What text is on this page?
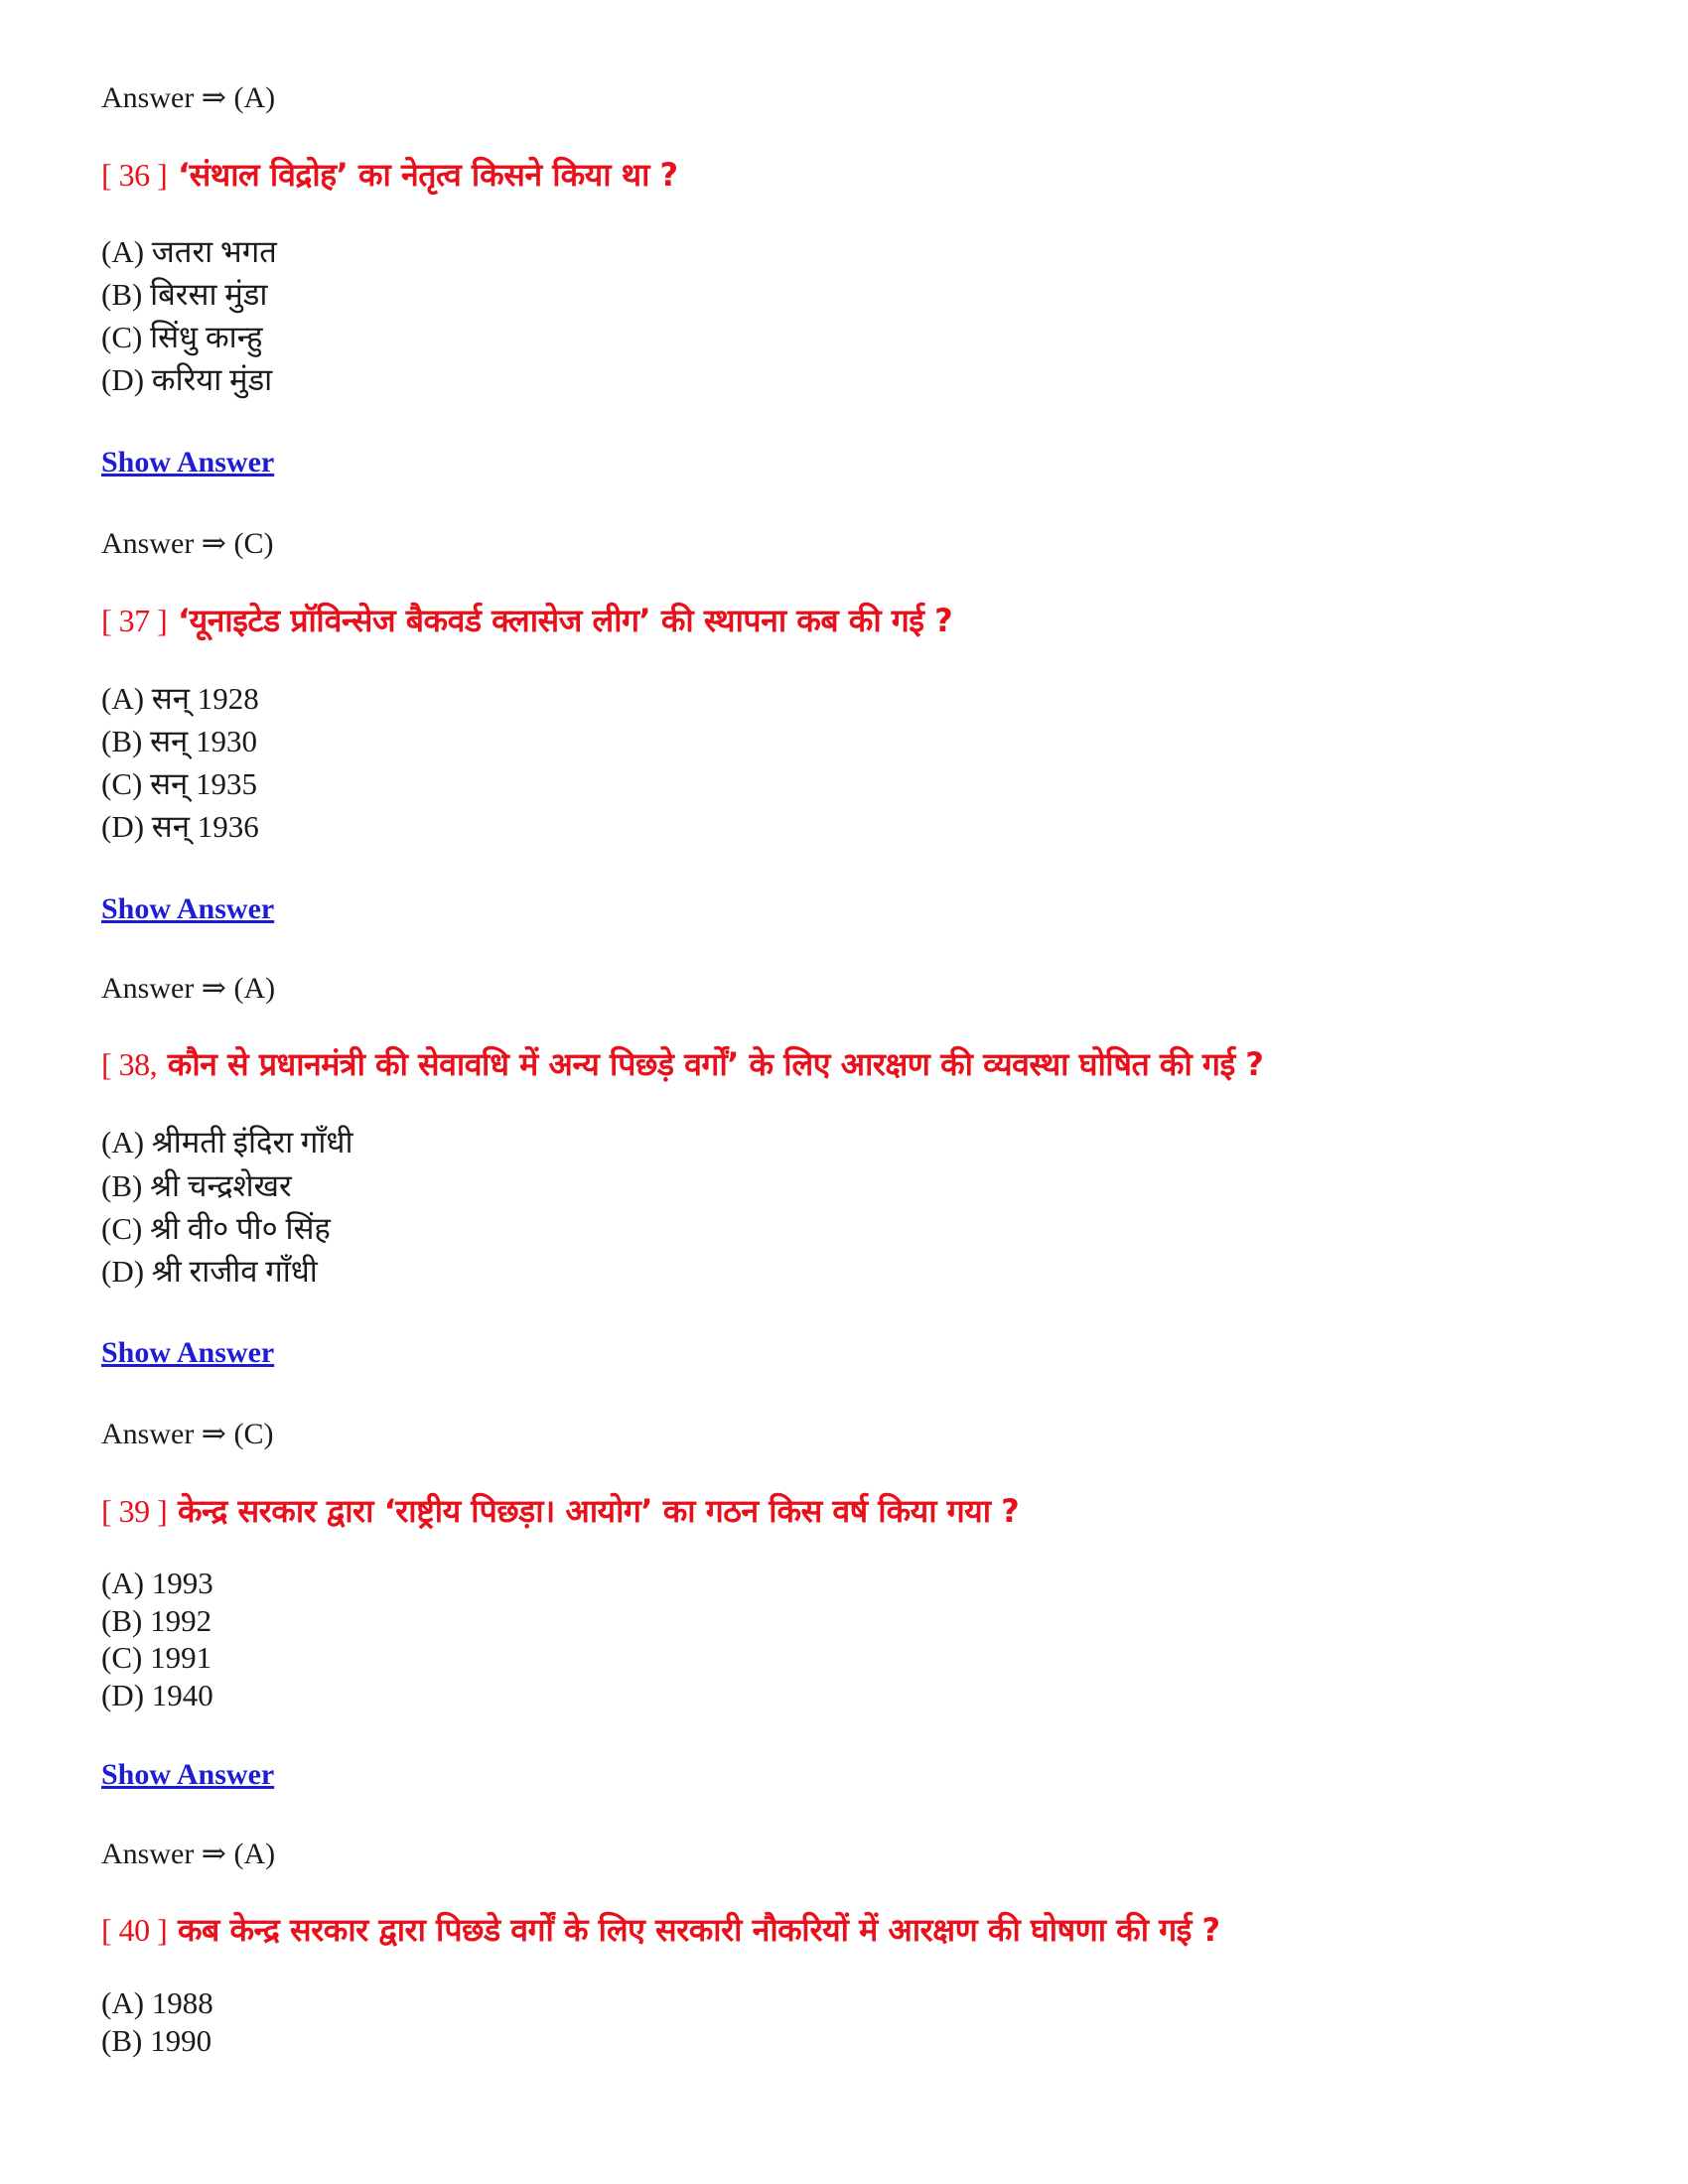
Answer ⇒ (A)
[ 36 ] ‘संथाल विद्रोह’ का नेतृत्व किसने किया था ?
(A) जतरा भगत
(B) बिरसा मुंडा
(C) सिंधु कान्हु
(D) करिया मुंडा
Show Answer
Answer ⇒ (C)
[ 37 ] ‘यूनाइटेड प्रॉविन्सेज बैकवर्ड क्लासेज लीग’ की स्थापना कब की गई ?
(A) सन् 1928
(B) सन् 1930
(C) सन् 1935
(D) सन् 1936
Show Answer
Answer ⇒ (A)
[ 38, कौन से प्रधानमंत्री की सेवावधि में अन्य पिछड़े वर्गों’ के लिए आरक्षण की व्यवस्था घोषित की गई ?
(A) श्रीमती इंदिरा गाँधी
(B) श्री चन्द्रशेखर
(C) श्री वी० पी० सिंह
(D) श्री राजीव गाँधी
Show Answer
Answer ⇒ (C)
[ 39 ] केन्द्र सरकार द्वारा ‘राष्ट्रीय पिछड़ा। आयोग’ का गठन किस वर्ष किया गया ?
(A) 1993
(B) 1992
(C) 1991
(D) 1940
Show Answer
Answer ⇒ (A)
[ 40 ] कब केन्द्र सरकार द्वारा पिछडे वर्गों के लिए सरकारी नौकरियों में आरक्षण की घोषणा की गई ?
(A) 1988
(B) 1990
